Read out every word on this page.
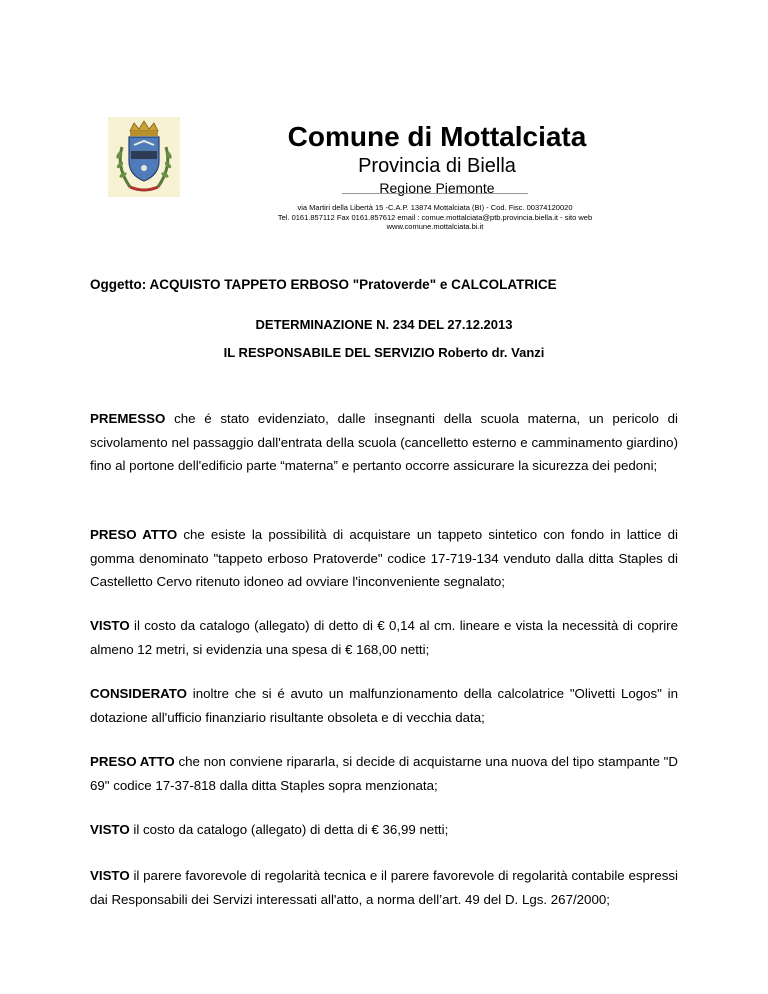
Comune di Mottalciata
Provincia di Biella
Regione Piemonte
via Martiri della Libertà 15 -C.A.P. 13874 Mottalciata (BI) - Cod. Fisc. 00374120020
Tel. 0161.857112 Fax 0161.857612 email : comue.mottalciata@ptb.provincia.biella.it - sito web
www.comune.mottalciata.bi.it
Oggetto: ACQUISTO TAPPETO ERBOSO "Pratoverde" e CALCOLATRICE
DETERMINAZIONE N. 234 DEL 27.12.2013
IL RESPONSABILE DEL SERVIZIO Roberto dr. Vanzi
PREMESSO che é stato evidenziato, dalle insegnanti della scuola materna, un pericolo di scivolamento nel passaggio dall'entrata della scuola (cancelletto esterno e camminamento giardino) fino al portone dell'edificio parte “materna” e pertanto occorre assicurare la sicurezza dei pedoni;
PRESO ATTO che esiste la possibilità di acquistare un tappeto sintetico con fondo in lattice di gomma denominato "tappeto erboso Pratoverde" codice 17-719-134 venduto dalla ditta Staples di Castelletto Cervo ritenuto idoneo ad ovviare l'inconveniente segnalato;
VISTO il costo da catalogo (allegato) di detto di € 0,14 al cm. lineare e vista la necessità di coprire almeno 12 metri, si evidenzia una spesa di € 168,00 netti;
CONSIDERATO inoltre che si é avuto un malfunzionamento della calcolatrice "Olivetti Logos" in dotazione all'ufficio finanziario risultante obsoleta e di vecchia data;
PRESO ATTO che non conviene ripararla, si decide di acquistarne una nuova del tipo stampante "D 69" codice 17-37-818 dalla ditta Staples sopra menzionata;
VISTO il costo da catalogo (allegato) di detta di € 36,99 netti;
VISTO il parere favorevole di regolarità tecnica e il parere favorevole di regolarità contabile espressi dai Responsabili dei Servizi interessati all'atto, a norma dell’art. 49 del D. Lgs. 267/2000;
